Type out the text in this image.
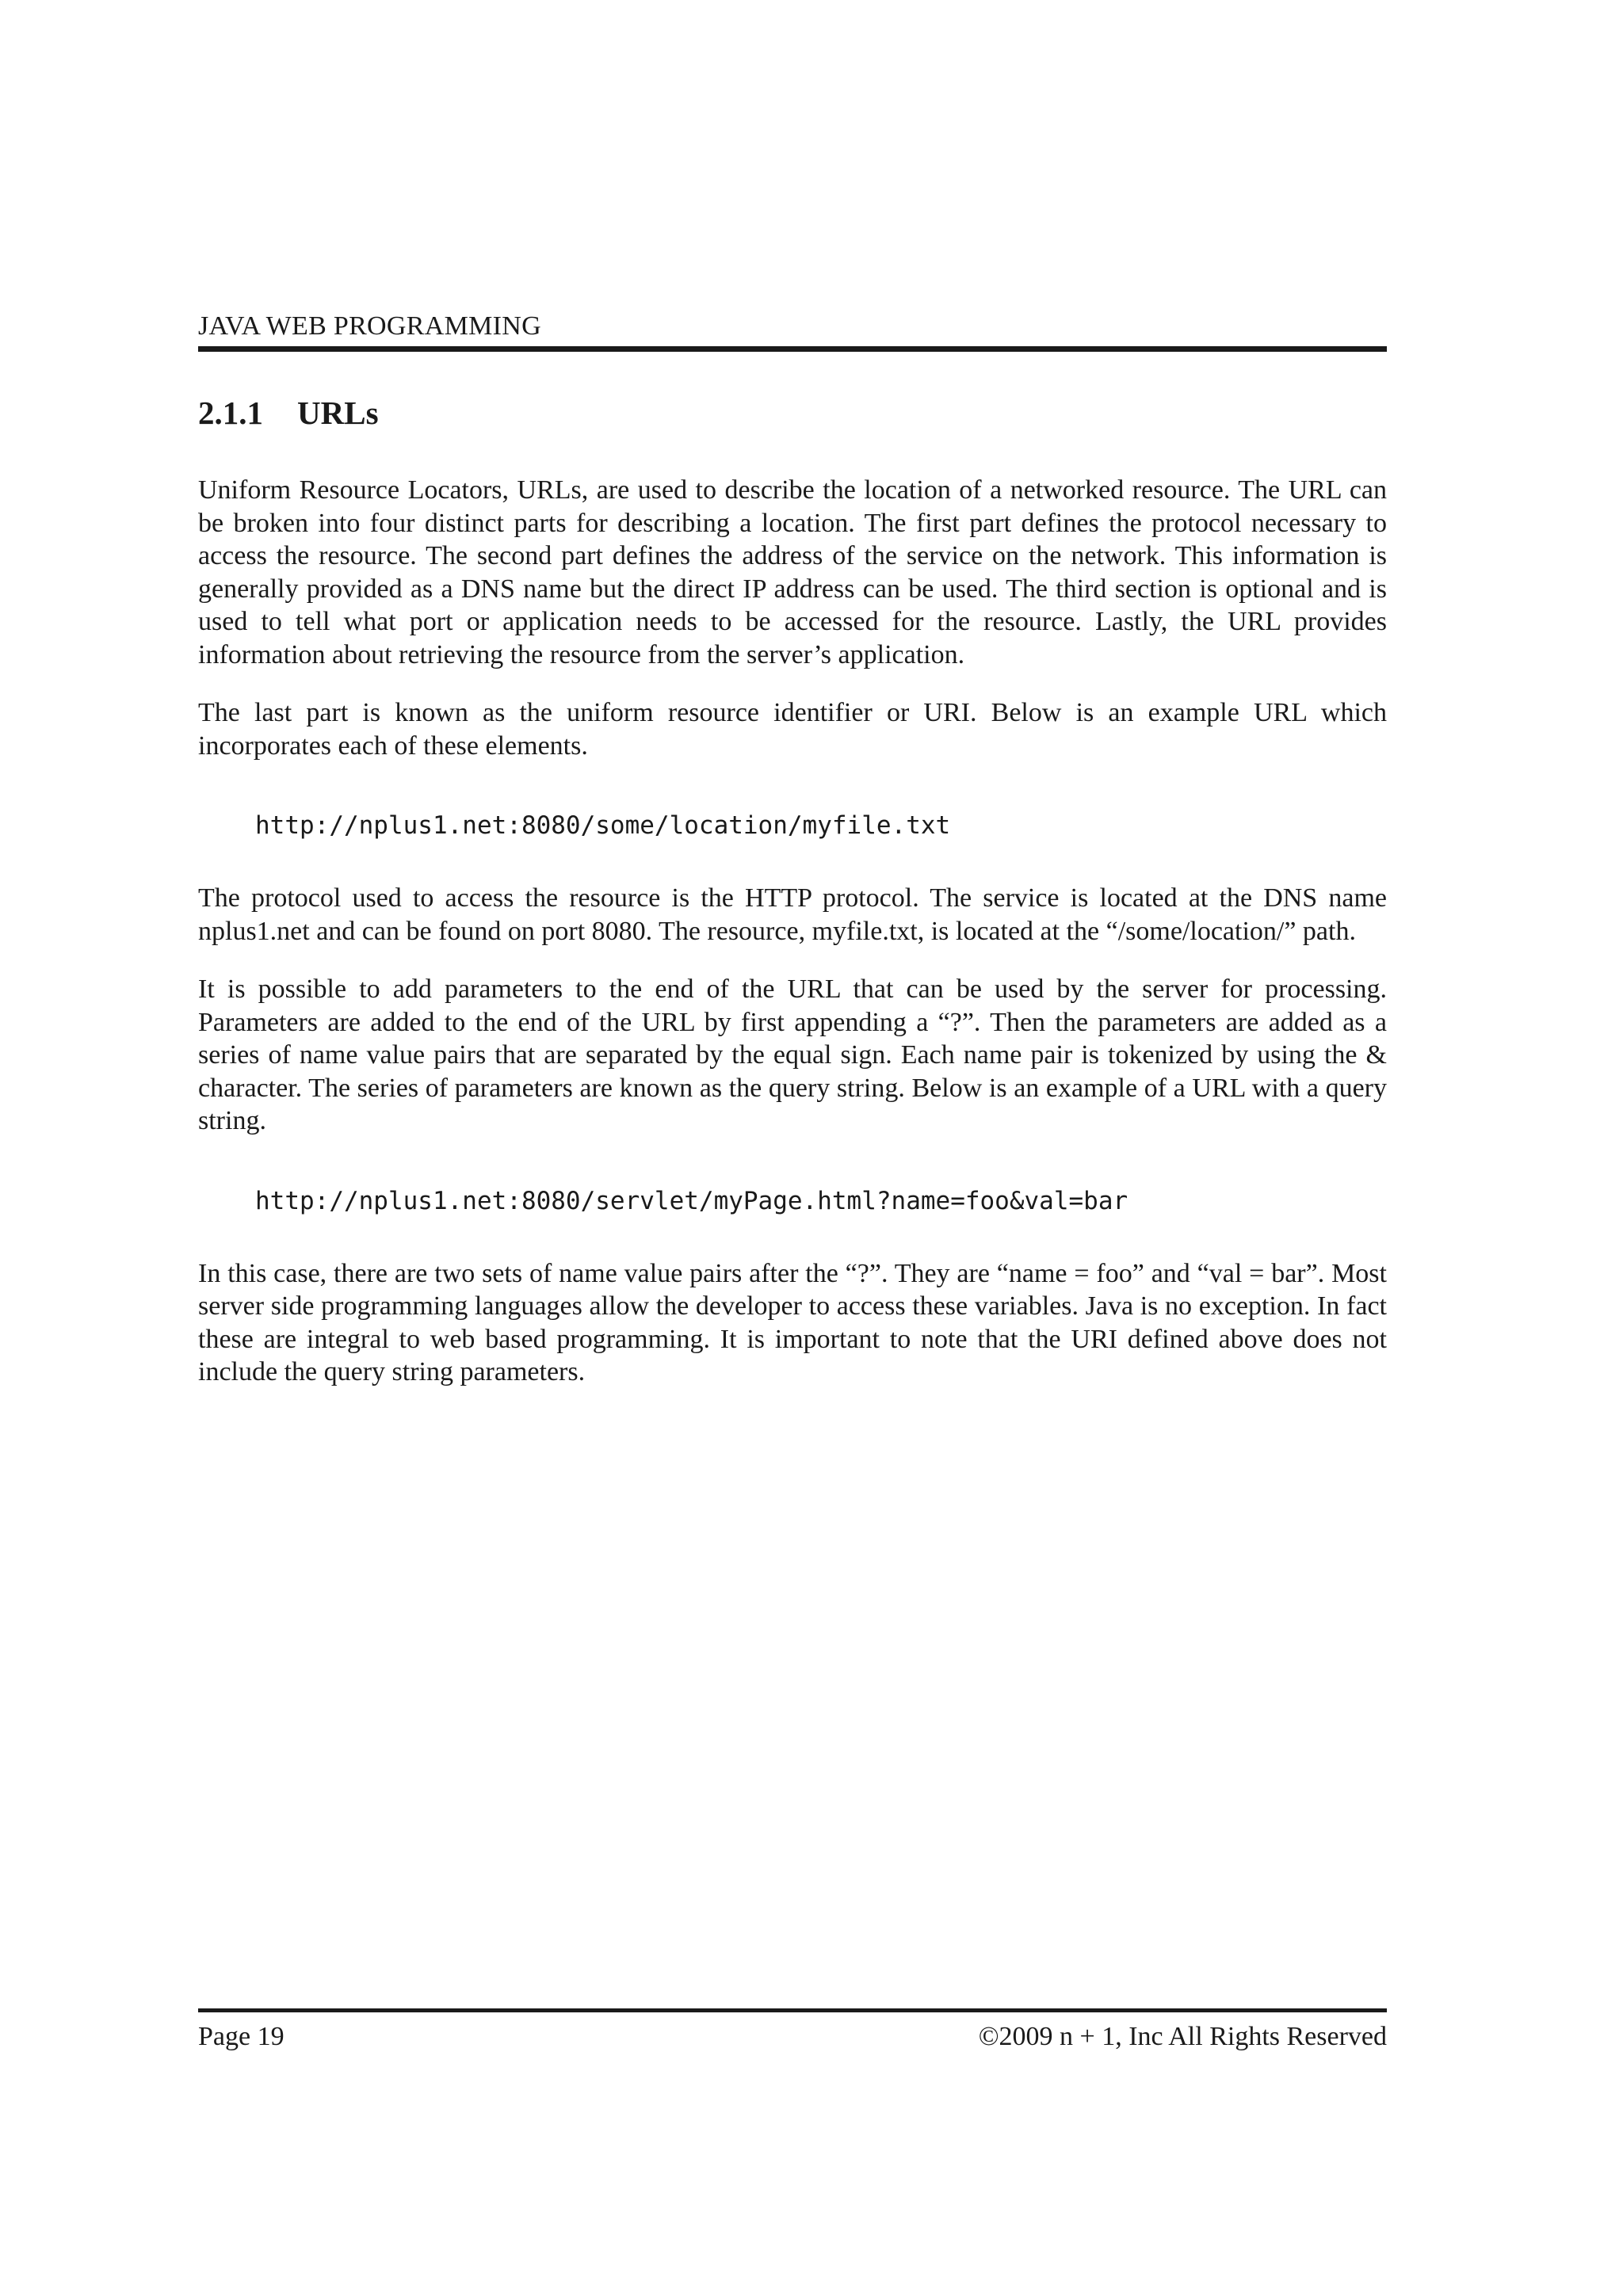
JAVA WEB PROGRAMMING
2.1.1 URLs

Uniform Resource Locators, URLs, are used to describe the location of a networked resource. The URL can be broken into four distinct parts for describing a location. The first part defines the protocol necessary to access the resource. The second part defines the address of the service on the network. This information is generally provided as a DNS name but the direct IP address can be used. The third section is optional and is used to tell what port or application needs to be accessed for the resource. Lastly, the URL provides information about retrieving the resource from the server’s application.

The last part is known as the uniform resource identifier or URI. Below is an example URL which incorporates each of these elements.

http://nplus1.net:8080/some/location/myfile.txt

The protocol used to access the resource is the HTTP protocol. The service is located at the DNS name nplus1.net and can be found on port 8080. The resource, myfile.txt, is located at the “/some/location/” path.

It is possible to add parameters to the end of the URL that can be used by the server for processing. Parameters are added to the end of the URL by first appending a “?”. Then the parameters are added as a series of name value pairs that are separated by the equal sign. Each name pair is tokenized by using the & character. The series of parameters are known as the query string. Below is an example of a URL with a query string.

http://nplus1.net:8080/servlet/myPage.html?name=foo&val=bar

In this case, there are two sets of name value pairs after the “?”. They are “name = foo” and “val = bar”. Most server side programming languages allow the developer to access these variables. Java is no exception. In fact these are integral to web based programming. It is important to note that the URI defined above does not include the query string parameters.

Page 19	©2009 n + 1, Inc All Rights Reserved
